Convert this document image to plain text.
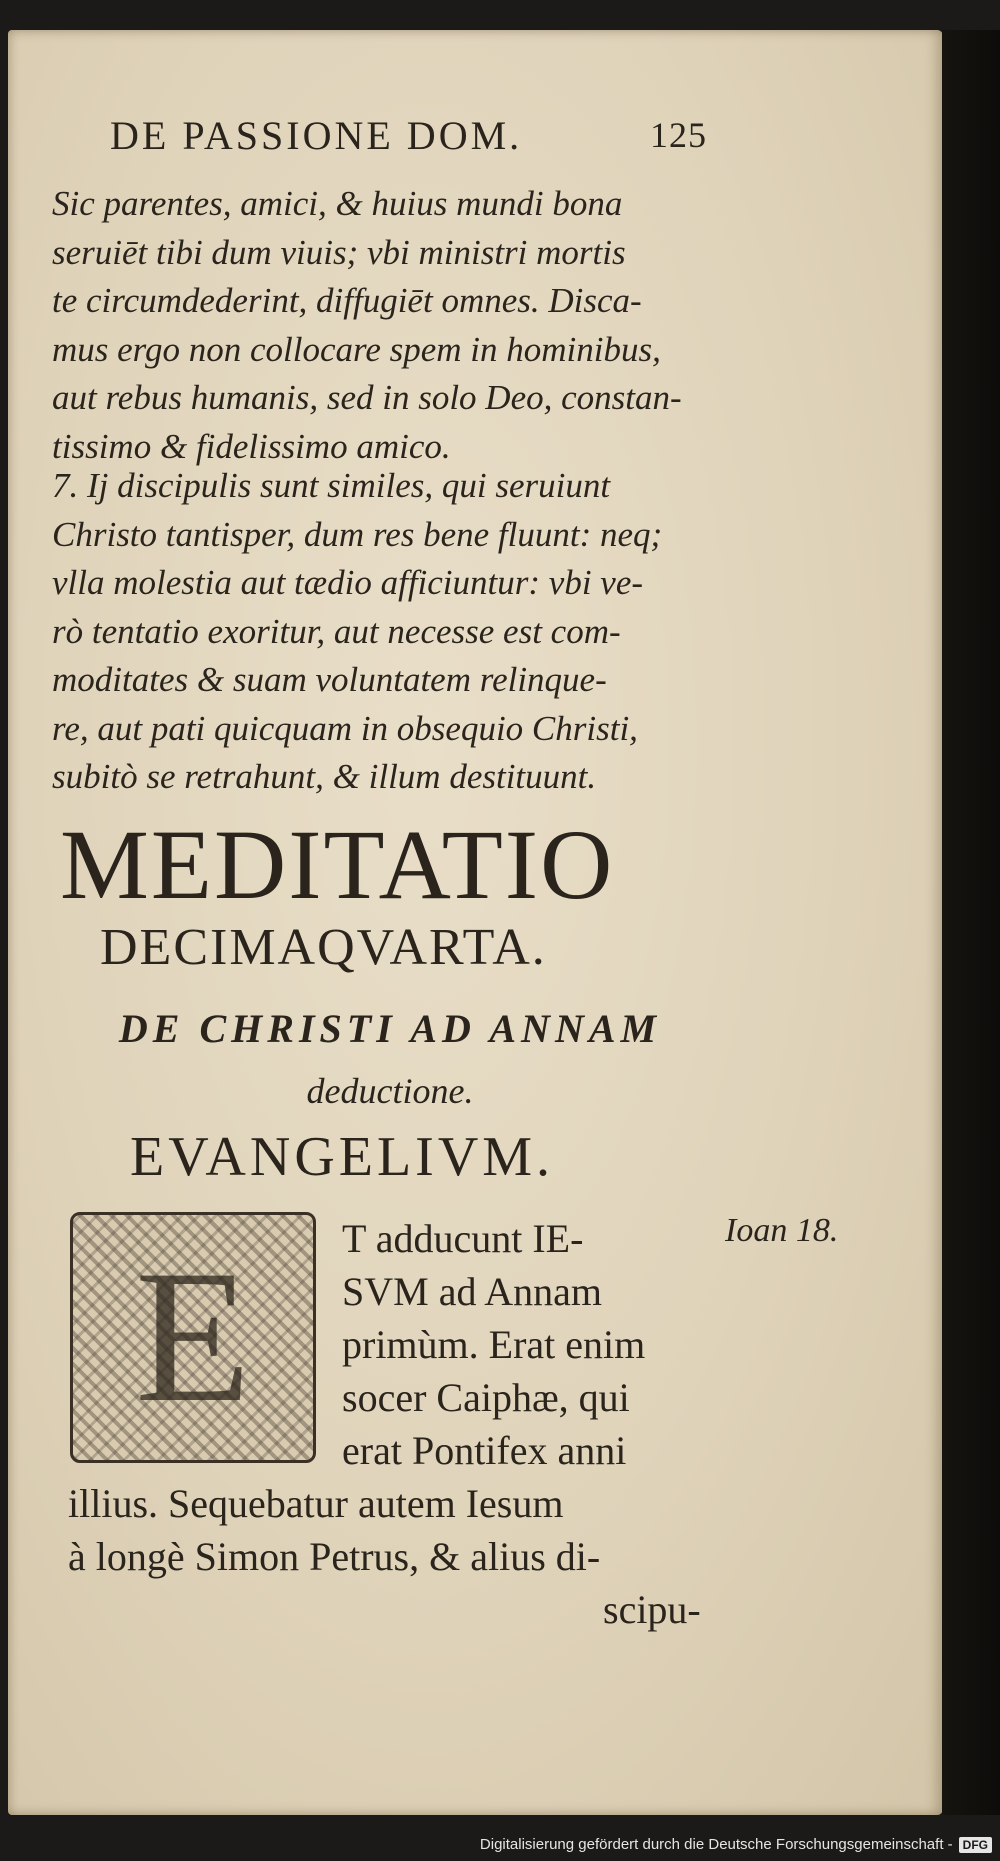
DE PASSIONE DOM.	125
Sic parentes, amici, & huius mundi bona
seruiēt tibi dum viuis; vbi ministri mortis
te circumdederint, diffugiēt omnes. Disca-
mus ergo non collocare spem in hominibus,
aut rebus humanis, sed in solo Deo, constan-
tissimo & fidelissimo amico.
7. Ij discipulis sunt similes, qui seruiunt
Christo tantisper, dum res bene fluunt: neq;
vlla molestia aut tædio afficiuntur: vbi ve-
rò tentatio exoritur, aut necesse est com-
moditates & suam voluntatem relinque-
re, aut pati quicquam in obsequio Christi,
subitò se retrahunt, & illum destituunt.
MEDITATIO
DECIMAQVARTA.
DE CHRISTI AD ANNAM
deductione.
EVANGELIVM.
E
Ioan 18.
T adducunt IE-
SVM ad Annam
primùm. Erat enim
socer Caiphæ, qui
erat Pontifex anni
illius. Sequebatur autem Iesum
à longè Simon Petrus, & alius di-
scipu-
Digitalisierung gefördert durch die Deutsche Forschungsgemeinschaft - DFG
